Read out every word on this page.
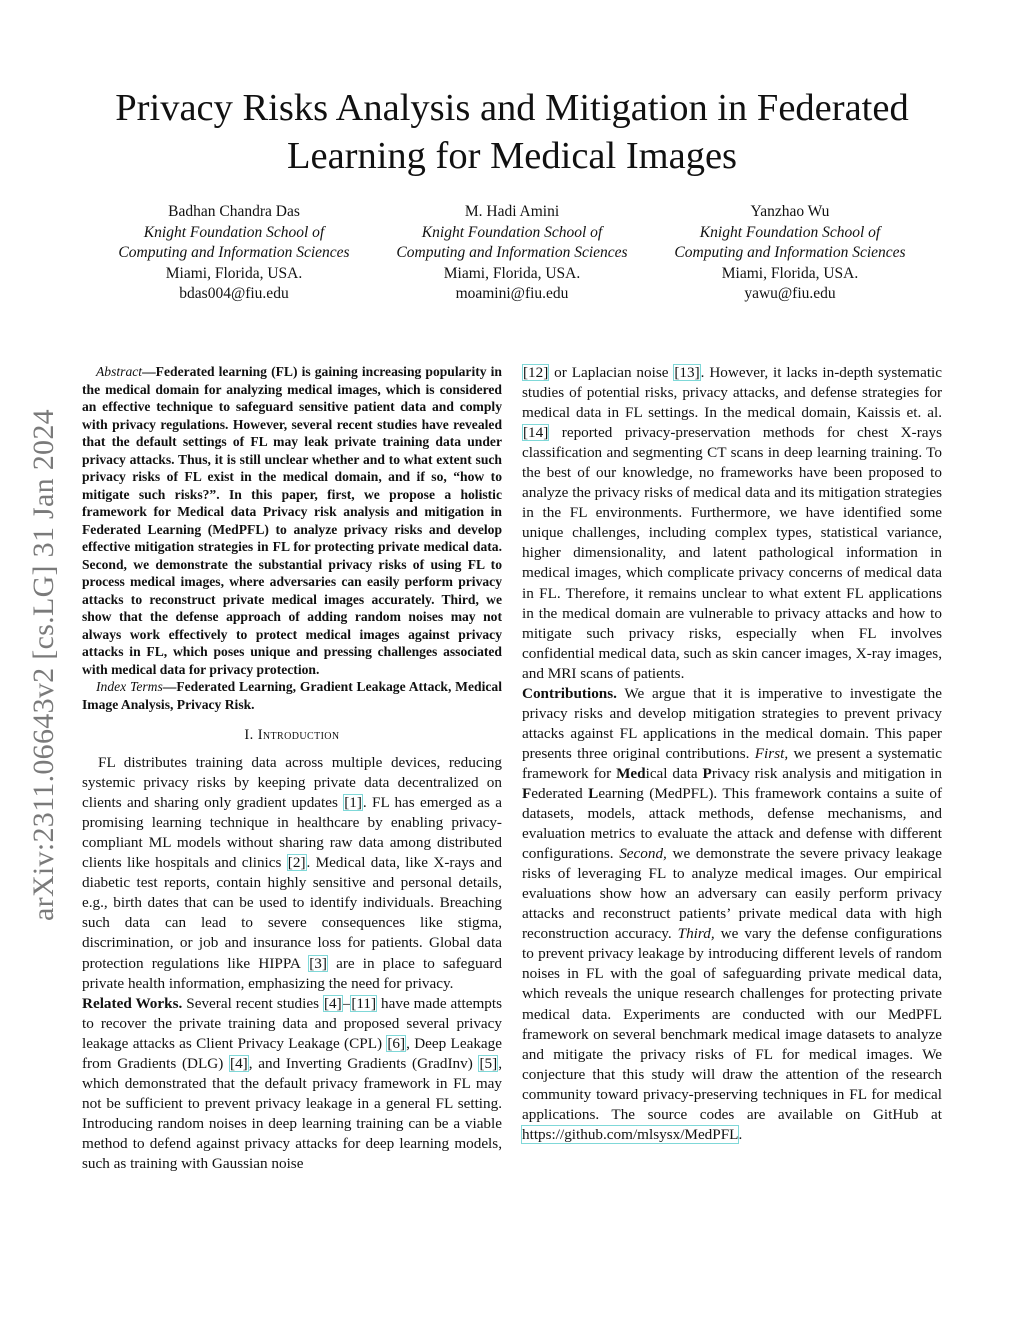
arXiv:2311.06643v2 [cs.LG] 31 Jan 2024
Privacy Risks Analysis and Mitigation in Federated Learning for Medical Images
Badhan Chandra Das
Knight Foundation School of
Computing and Information Sciences
Miami, Florida, USA.
bdas004@fiu.edu
M. Hadi Amini
Knight Foundation School of
Computing and Information Sciences
Miami, Florida, USA.
moamini@fiu.edu
Yanzhao Wu
Knight Foundation School of
Computing and Information Sciences
Miami, Florida, USA.
yawu@fiu.edu

Abstract—Federated learning (FL) is gaining increasing popularity in the medical domain for analyzing medical images, which is considered an effective technique to safeguard sensitive patient data and comply with privacy regulations. However, several recent studies have revealed that the default settings of FL may leak private training data under privacy attacks. Thus, it is still unclear whether and to what extent such privacy risks of FL exist in the medical domain, and if so, “how to mitigate such risks?”. In this paper, first, we propose a holistic framework for Medical data Privacy risk analysis and mitigation in Federated Learning (MedPFL) to analyze privacy risks and develop effective mitigation strategies in FL for protecting private medical data. Second, we demonstrate the substantial privacy risks of using FL to process medical images, where adversaries can easily perform privacy attacks to reconstruct private medical images accurately. Third, we show that the defense approach of adding random noises may not always work effectively to protect medical images against privacy attacks in FL, which poses unique and pressing challenges associated with medical data for privacy protection.

Index Terms—Federated Learning, Gradient Leakage Attack, Medical Image Analysis, Privacy Risk.

I. Introduction

FL distributes training data across multiple devices, reducing systemic privacy risks by keeping private data decentralized on clients and sharing only gradient updates [1]. FL has emerged as a promising learning technique in healthcare by enabling privacy-compliant ML models without sharing raw data among distributed clients like hospitals and clinics [2]. Medical data, like X-rays and diabetic test reports, contain highly sensitive and personal details, e.g., birth dates that can be used to identify individuals. Breaching such data can lead to severe consequences like stigma, discrimination, or job and insurance loss for patients. Global data protection regulations like HIPPA [3] are in place to safeguard private health information, emphasizing the need for privacy.

Related Works. Several recent studies [4]–[11] have made attempts to recover the private training data and proposed several privacy leakage attacks as Client Privacy Leakage (CPL) [6], Deep Leakage from Gradients (DLG) [4], and Inverting Gradients (GradInv) [5], which demonstrated that the default privacy framework in FL may not be sufficient to prevent privacy leakage in a general FL setting. Introducing random noises in deep learning training can be a viable method to defend against privacy attacks for deep learning models, such as training with Gaussian noise

[12] or Laplacian noise [13]. However, it lacks in-depth systematic studies of potential risks, privacy attacks, and defense strategies for medical data in FL settings. In the medical domain, Kaissis et. al. [14] reported privacy-preservation methods for chest X-rays classification and segmenting CT scans in deep learning training. To the best of our knowledge, no frameworks have been proposed to analyze the privacy risks of medical data and its mitigation strategies in the FL environments. Furthermore, we have identified some unique challenges, including complex types, statistical variance, higher dimensionality, and latent pathological information in medical images, which complicate privacy concerns of medical data in FL. Therefore, it remains unclear to what extent FL applications in the medical domain are vulnerable to privacy attacks and how to mitigate such privacy risks, especially when FL involves confidential medical data, such as skin cancer images, X-ray images, and MRI scans of patients.

Contributions. We argue that it is imperative to investigate the privacy risks and develop mitigation strategies to prevent privacy attacks against FL applications in the medical domain. This paper presents three original contributions. First, we present a systematic framework for Medical data Privacy risk analysis and mitigation in Federated Learning (MedPFL). This framework contains a suite of datasets, models, attack methods, defense mechanisms, and evaluation metrics to evaluate the attack and defense with different configurations. Second, we demonstrate the severe privacy leakage risks of leveraging FL to analyze medical images. Our empirical evaluations show how an adversary can easily perform privacy attacks and reconstruct patients’ private medical data with high reconstruction accuracy. Third, we vary the defense configurations to prevent privacy leakage by introducing different levels of random noises in FL with the goal of safeguarding private medical data, which reveals the unique research challenges for protecting private medical data. Experiments are conducted with our MedPFL framework on several benchmark medical image datasets to analyze and mitigate the privacy risks of FL for medical images. We conjecture that this study will draw the attention of the research community toward privacy-preserving techniques in FL for medical applications. The source codes are available on GitHub at https://github.com/mlsysx/MedPFL.
